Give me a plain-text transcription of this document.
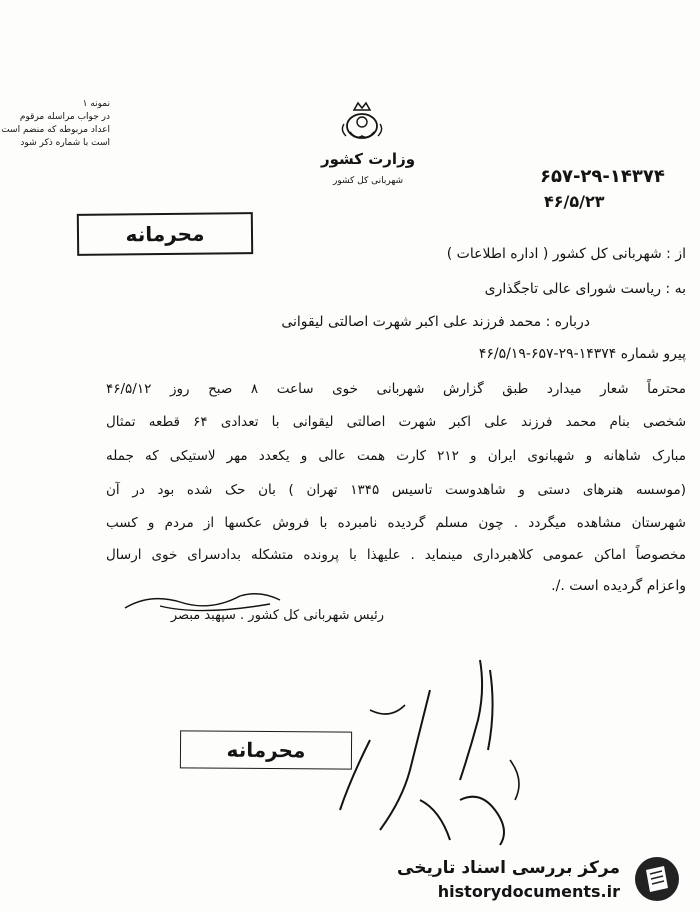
نمونه ۱
در جواب مراسله مرقوم
اعداد مربوطه که منضم است
است با شماره ذکر شود
وزارت کشور
شهربانی کل کشور	۶۵۷-۲۹-۱۴۳۷۴
۴۶/۵/۲۳
محرمانه
از : شهربانی کل کشور ( اداره اطلاعات )
به : ریاست شورای عالی تاجگذاری
درباره : محمد فرزند علی اکبر شهرت اصالتی لیقوانی
پیرو شماره ۱۴۳۷۴-۲۹-۶۵۷-۴۶/۵/۱۹
محترماً شعار میدارد طبق گزارش شهربانی خوی ساعت ۸ صبح روز ۴۶/۵/۱۲
شخصی بنام محمد فرزند علی اکبر شهرت اصالتی لیقوانی با تعدادی ۶۴ قطعه تمثال
مبارک شاهانه و شهبانوی ایران و ۲۱۲ کارت همت عالی و یکعدد مهر لاستیکی که جمله
(موسسه هنرهای دستی و شاهدوست تاسیس ۱۳۴۵ تهران ) بان حک شده بود در آن
شهرستان مشاهده میگردد . چون مسلم گردیده نامبرده با فروش عکسها از مردم و کسب
مخصوصاً اماکن عمومی کلاهبرداری مینماید . علیهذا با پرونده متشکله بدادسرای خوی ارسال
واعزام گردیده است ./.
رئیس شهربانی کل کشور . سپهبد مبصر
محرمانه
مرکز بررسی اسناد تاریخی
historydocuments.ir
